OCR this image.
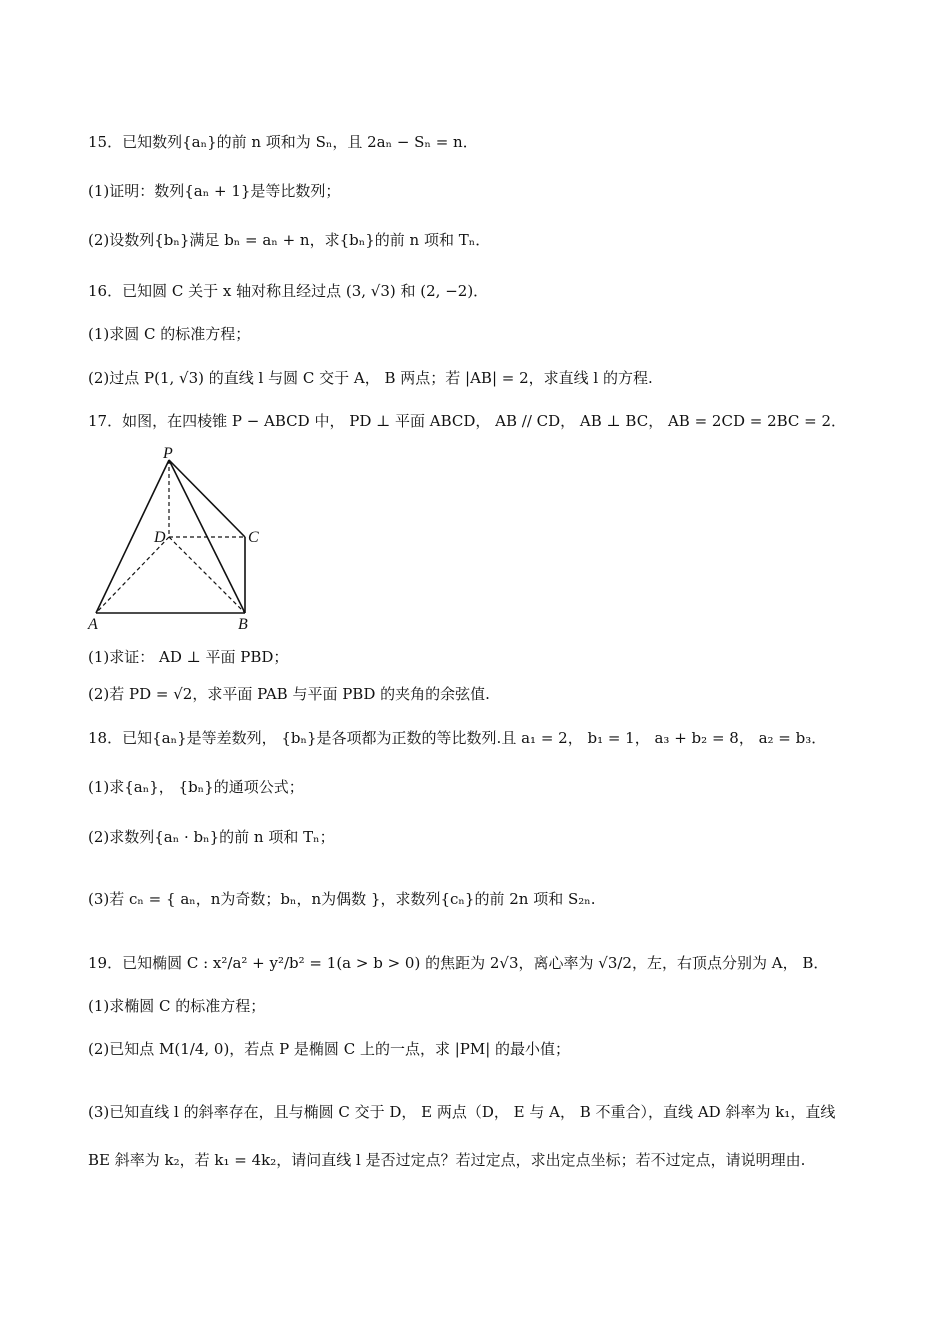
15．已知数列{aₙ}的前 n 项和为 Sₙ，且 2aₙ − Sₙ = n．
(1)证明：数列{aₙ + 1}是等比数列；
(2)设数列{bₙ}满足 bₙ = aₙ + n，求{bₙ}的前 n 项和 Tₙ．
16．已知圆 C 关于 x 轴对称且经过点 (3, √3) 和 (2, −2)．
(1)求圆 C 的标准方程；
(2)过点 P(1, √3) 的直线 l 与圆 C 交于 A， B 两点；若 |AB| = 2，求直线 l 的方程.
17．如图，在四棱锥 P − ABCD 中， PD ⊥ 平面 ABCD， AB // CD， AB ⊥ BC， AB = 2CD = 2BC = 2．
P
D	C
A	B
(1)求证： AD ⊥ 平面 PBD；
(2)若 PD = √2，求平面 PAB 与平面 PBD 的夹角的余弦值.
18．已知{aₙ}是等差数列， {bₙ}是各项都为正数的等比数列.且 a₁ = 2， b₁ = 1， a₃ + b₂ = 8， a₂ = b₃．
(1)求{aₙ}， {bₙ}的通项公式；
(2)求数列{aₙ · bₙ}的前 n 项和 Tₙ；
(3)若 cₙ = { aₙ，n为奇数；bₙ，n为偶数 }，求数列{cₙ}的前 2n 项和 S₂ₙ.
19．已知椭圆 C : x²/a² + y²/b² = 1(a > b > 0) 的焦距为 2√3，离心率为 √3/2，左，右顶点分别为 A， B．
(1)求椭圆 C 的标准方程；
(2)已知点 M(1/4, 0)，若点 P 是椭圆 C 上的一点，求 |PM| 的最小值；
(3)已知直线 l 的斜率存在，且与椭圆 C 交于 D， E 两点（D， E 与 A， B 不重合），直线 AD 斜率为 k₁，直线 BE 斜率为 k₂，若 k₁ = 4k₂，请问直线 l 是否过定点？若过定点，求出定点坐标；若不过定点，请说明理由.
